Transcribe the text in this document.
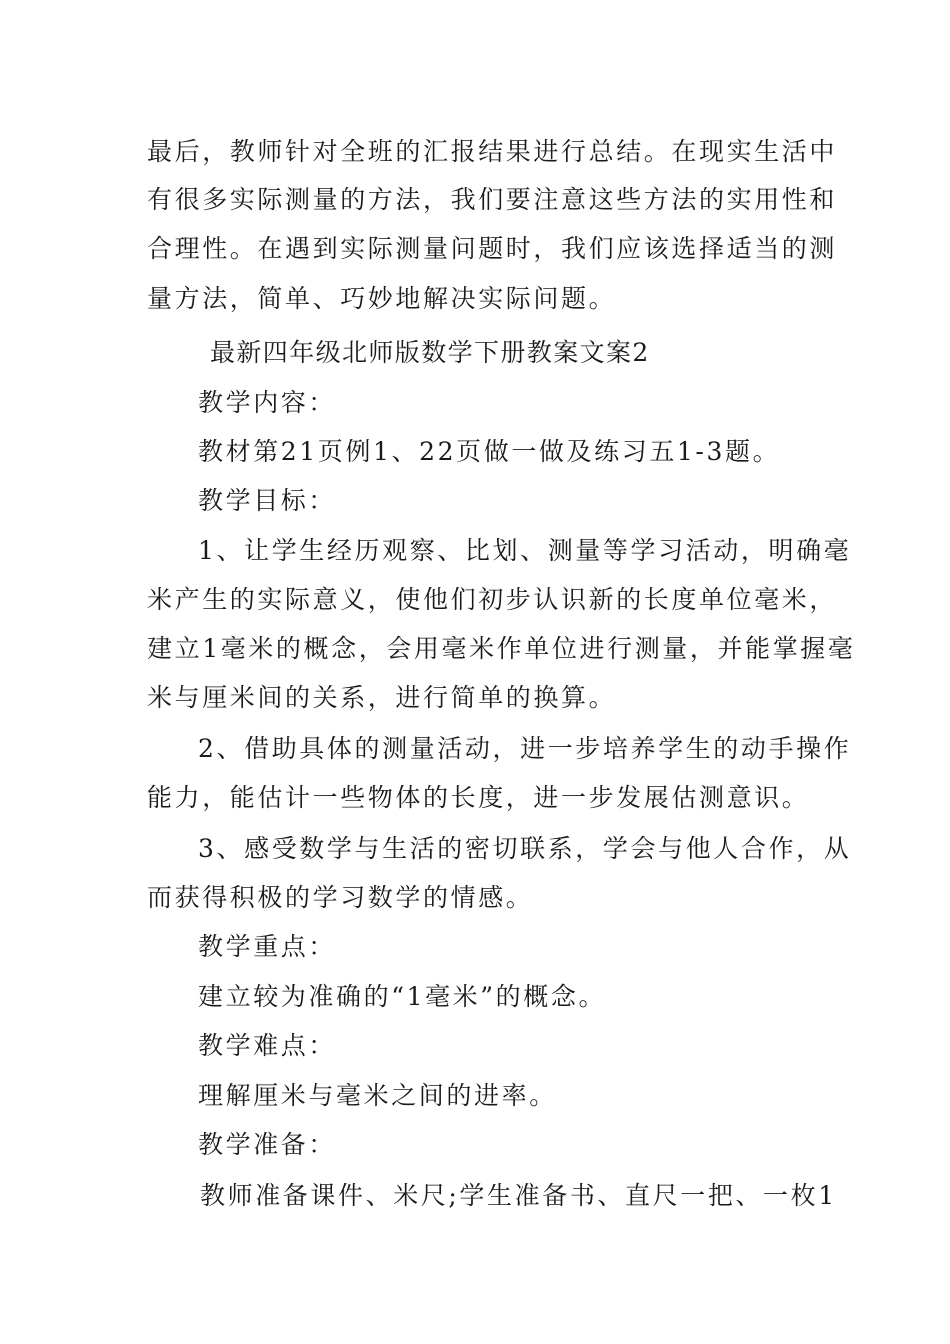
最后，教师针对全班的汇报结果进行总结。在现实生活中
有很多实际测量的方法，我们要注意这些方法的实用性和
合理性。在遇到实际测量问题时，我们应该选择适当的测
量方法，简单、巧妙地解决实际问题。
最新四年级北师版数学下册教案文案2
教学内容：
教材第21页例1、22页做一做及练习五1-3题。
教学目标：
1、让学生经历观察、比划、测量等学习活动，明确毫
米产生的实际意义，使他们初步认识新的长度单位毫米，
建立1毫米的概念，会用毫米作单位进行测量，并能掌握毫
米与厘米间的关系，进行简单的换算。
2、借助具体的测量活动，进一步培养学生的动手操作
能力，能估计一些物体的长度，进一步发展估测意识。
3、感受数学与生活的密切联系，学会与他人合作，从
而获得积极的学习数学的情感。
教学重点：
建立较为准确的“1毫米”的概念。
教学难点：
理解厘米与毫米之间的进率。
教学准备：
教师准备课件、米尺;学生准备书、直尺一把、一枚1
